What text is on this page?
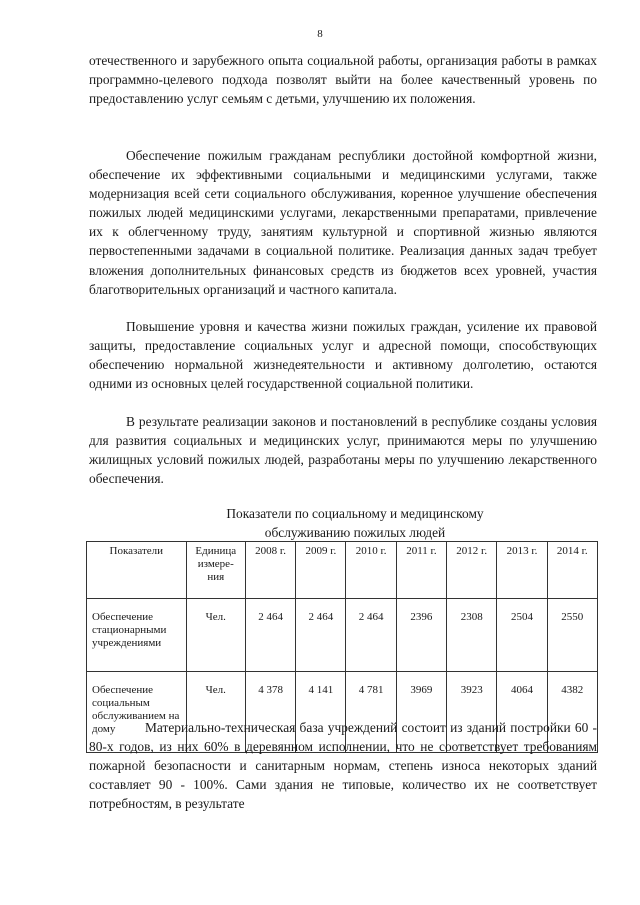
8

отечественного и зарубежного опыта социальной работы, организация работы в рамках программно-целевого подхода позволят выйти на более качественный уровень по предоставлению услуг семьям с детьми, улучшению их положения.

Обеспечение пожилым гражданам республики достойной комфортной жизни, обеспечение их эффективными социальными и медицинскими услугами, также модернизация всей сети социального обслуживания, коренное улучшение обеспечения пожилых людей медицинскими услугами, лекарственными препаратами, привлечение их к облегченному труду, занятиям культурной и спортивной жизнью являются первостепенными задачами в социальной политике. Реализация данных задач требует вложения дополнительных финансовых средств из бюджетов всех уровней, участия благотворительных организаций и частного капитала.

Повышение уровня и качества жизни пожилых граждан, усиление их правовой защиты, предоставление социальных услуг и адресной помощи, способствующих обеспечению нормальной жизнедеятельности и активному долголетию, остаются одними из основных целей государственной социальной политики.

В результате реализации законов и постановлений в республике созданы условия для развития социальных и медицинских услуг, принимаются меры по улучшению жилищных условий пожилых людей, разработаны меры по улучшению лекарственного обеспечения.

Показатели по социальному и медицинскому
обслуживанию пожилых людей
Показатели	Единица измере-ния	2008 г.	2009 г.	2010 г.	2011 г.	2012 г.	2013 г.	2014 г.
Обеспечение стационарными учреждениями	Чел.	2 464	2 464	2 464	2396	2308	2504	2550
Обеспечение социальным обслуживанием на дому	Чел.	4 378	4 141	4 781	3969	3923	4064	4382

Материально-техническая база учреждений состоит из зданий постройки 60 - 80-х годов, из них 60% в деревянном исполнении, что не соответствует требованиям пожарной безопасности и санитарным нормам, степень износа некоторых зданий составляет 90 - 100%. Сами здания не типовые, количество их не соответствует потребностям, в результате
